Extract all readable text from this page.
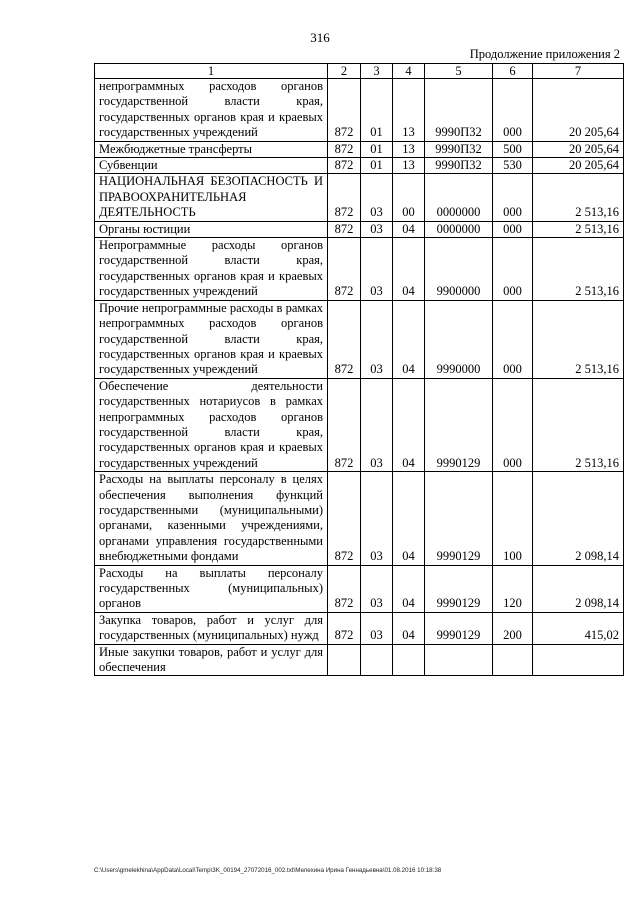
316
Продолжение приложения 2
1	2	3	4	5	6	7
непрограммных расходов органов государственной власти края, государственных органов края и краевых государственных учреждений	872	01	13	9990П32	000	20 205,64
Межбюджетные трансферты	872	01	13	9990П32	500	20 205,64
Субвенции	872	01	13	9990П32	530	20 205,64
НАЦИОНАЛЬНАЯ БЕЗОПАСНОСТЬ И ПРАВООХРАНИТЕЛЬНАЯ ДЕЯТЕЛЬНОСТЬ	872	03	00	0000000	000	2 513,16
Органы юстиции	872	03	04	0000000	000	2 513,16
Непрограммные расходы органов государственной власти края, государственных органов края и краевых государственных учреждений	872	03	04	9900000	000	2 513,16
Прочие непрограммные расходы в рамках непрограммных расходов органов государственной власти края, государственных органов края и краевых государственных учреждений	872	03	04	9990000	000	2 513,16
Обеспечение деятельности государственных нотариусов в рамках непрограммных расходов органов государственной власти края, государственных органов края и краевых государственных учреждений	872	03	04	9990129	000	2 513,16
Расходы на выплаты персоналу в целях обеспечения выполнения функций государственными (муниципальными) органами, казенными учреждениями, органами управления государственными внебюджетными фондами	872	03	04	9990129	100	2 098,14
Расходы на выплаты персоналу государственных (муниципальных) органов	872	03	04	9990129	120	2 098,14
Закупка товаров, работ и услуг для государственных (муниципальных) нужд	872	03	04	9990129	200	415,02
Иные закупки товаров, работ и услуг для обеспечения						
C:\Users\gmelekhina\AppData\Local\Temp\3K_00194_27072016_002.txt\Мелехина Ирина Геннадьевна\01.08.2016 10:18:38
